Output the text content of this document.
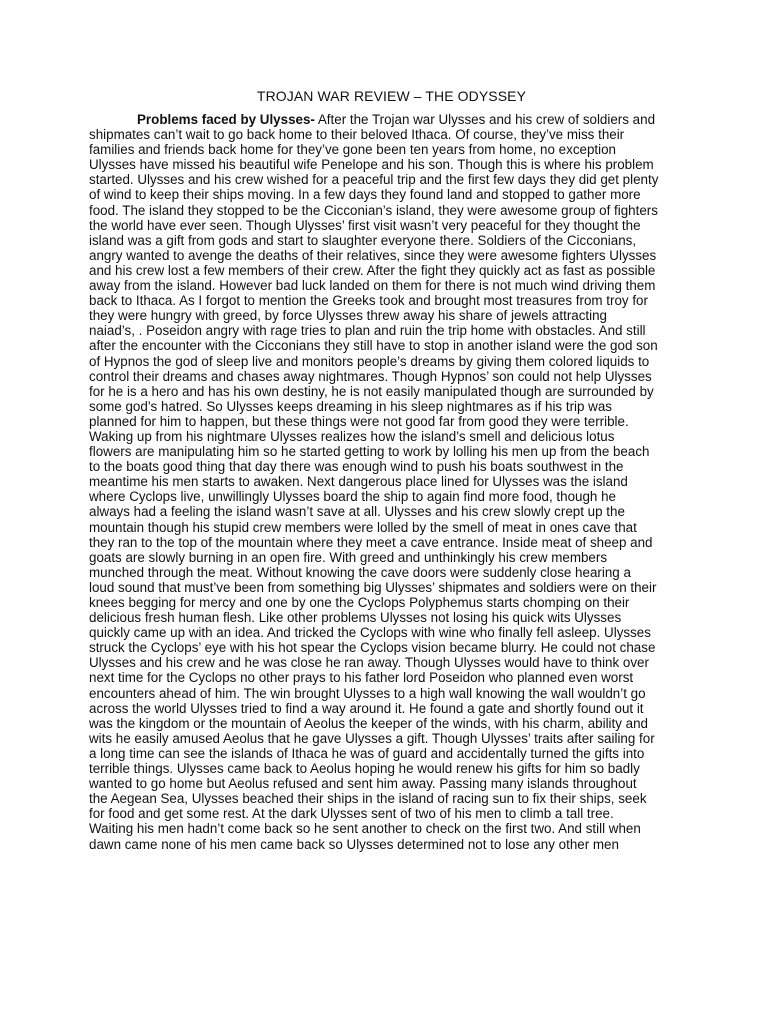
TROJAN WAR REVIEW – THE ODYSSEY
Problems faced by Ulysses- After the Trojan war Ulysses and his crew of soldiers and
shipmates can’t wait to go back home to their beloved Ithaca. Of course, they’ve miss their
families and friends back home for they’ve gone been ten years from home, no exception
Ulysses have missed his beautiful wife Penelope and his son. Though this is where his problem
started. Ulysses and his crew wished for a peaceful trip and the first few days they did get plenty
of wind to keep their ships moving. In a few days they found land and stopped to gather more
food. The island they stopped to be the Cicconian’s island, they were awesome group of fighters
the world have ever seen. Though Ulysses’ first visit wasn’t very peaceful for they thought the
island was a gift from gods and start to slaughter everyone there. Soldiers of the Cicconians,
angry wanted to avenge the deaths of their relatives, since they were awesome fighters Ulysses
and his crew lost a few members of their crew. After the fight they quickly act as fast as possible
away from the island. However bad luck landed on them for there is not much wind driving them
back to Ithaca. As I forgot to mention the Greeks took and brought most treasures from troy for
they were hungry with greed, by force Ulysses threw away his share of jewels attracting
naiad’s, . Poseidon angry with rage tries to plan and ruin the trip home with obstacles. And still
after the encounter with the Cicconians they still have to stop in another island were the god son
of Hypnos the god of sleep live and monitors people’s dreams by giving them colored liquids to
control their dreams and chases away nightmares. Though Hypnos’ son could not help Ulysses
for he is a hero and has his own destiny, he is not easily manipulated though are surrounded by
some god’s hatred. So Ulysses keeps dreaming in his sleep nightmares as if his trip was
planned for him to happen, but these things were not good far from good they were terrible.
Waking up from his nightmare Ulysses realizes how the island’s smell and delicious lotus
flowers are manipulating him so he started getting to work by lolling his men up from the beach
to the boats good thing that day there was enough wind to push his boats southwest in the
meantime his men starts to awaken. Next dangerous place lined for Ulysses was the island
where Cyclops live, unwillingly Ulysses board the ship to again find more food, though he
always had a feeling the island wasn’t save at all. Ulysses and his crew slowly crept up the
mountain though his stupid crew members were lolled by the smell of meat in ones cave that
they ran to the top of the mountain where they meet a cave entrance. Inside meat of sheep and
goats are slowly burning in an open fire. With greed and unthinkingly his crew members
munched through the meat. Without knowing the cave doors were suddenly close hearing a
loud sound that must’ve been from something big Ulysses’ shipmates and soldiers were on their
knees begging for mercy and one by one the Cyclops Polyphemus starts chomping on their
delicious fresh human flesh. Like other problems Ulysses not losing his quick wits Ulysses
quickly came up with an idea. And tricked the Cyclops with wine who finally fell asleep. Ulysses
struck the Cyclops’ eye with his hot spear the Cyclops vision became blurry. He could not chase
Ulysses and his crew and he was close he ran away. Though Ulysses would have to think over
next time for the Cyclops no other prays to his father lord Poseidon who planned even worst
encounters ahead of him. The win brought Ulysses to a high wall knowing the wall wouldn’t go
across the world Ulysses tried to find a way around it. He found a gate and shortly found out it
was the kingdom or the mountain of Aeolus the keeper of the winds, with his charm, ability and
wits he easily amused Aeolus that he gave Ulysses a gift. Though Ulysses’ traits after sailing for
a long time can see the islands of Ithaca he was of guard and accidentally turned the gifts into
terrible things. Ulysses came back to Aeolus hoping he would renew his gifts for him so badly
wanted to go home but Aeolus refused and sent him away. Passing many islands throughout
the Aegean Sea, Ulysses beached their ships in the island of racing sun to fix their ships, seek
for food and get some rest. At the dark Ulysses sent of two of his men to climb a tall tree.
Waiting his men hadn’t come back so he sent another to check on the first two. And still when
dawn came none of his men came back so Ulysses determined not to lose any other men
